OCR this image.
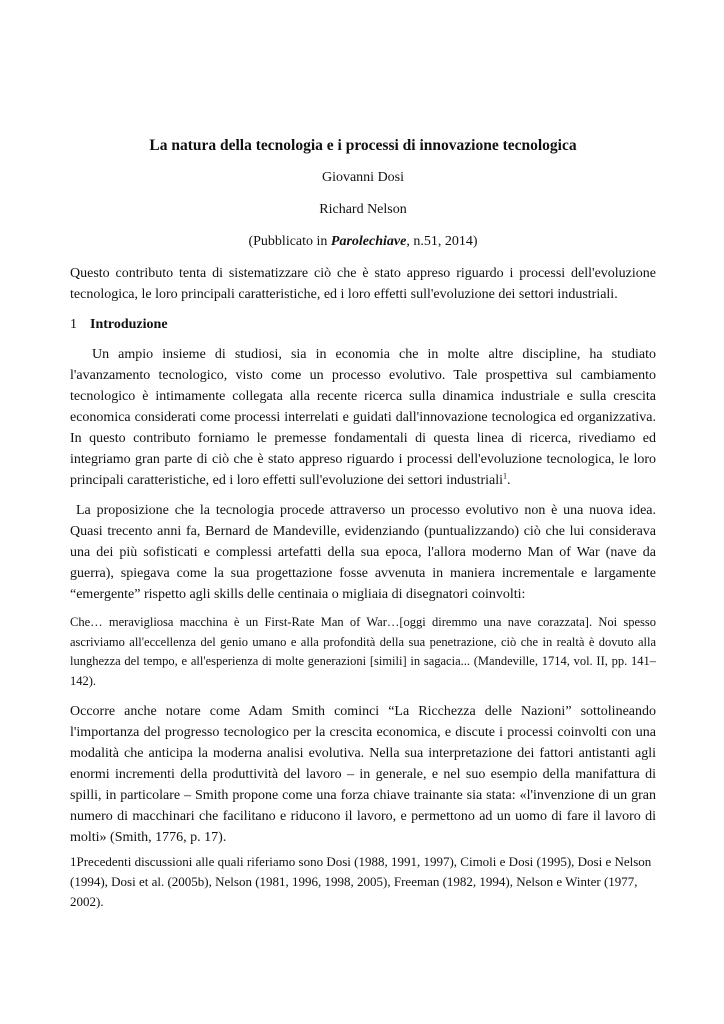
La natura della tecnologia e i processi di innovazione tecnologica
Giovanni Dosi
Richard Nelson
(Pubblicato in Parolechiave, n.51, 2014)

Questo contributo tenta di sistematizzare ciò che è stato appreso riguardo i processi dell'evoluzione tecnologica, le loro principali caratteristiche, ed i loro effetti sull'evoluzione dei settori industriali.

1 Introduzione

Un ampio insieme di studiosi, sia in economia che in molte altre discipline, ha studiato l'avanzamento tecnologico, visto come un processo evolutivo. Tale prospettiva sul cambiamento tecnologico è intimamente collegata alla recente ricerca sulla dinamica industriale e sulla crescita economica considerati come processi interrelati e guidati dall'innovazione tecnologica ed organizzativa. In questo contributo forniamo le premesse fondamentali di questa linea di ricerca, rivediamo ed integriamo gran parte di ciò che è stato appreso riguardo i processi dell'evoluzione tecnologica, le loro principali caratteristiche, ed i loro effetti sull'evoluzione dei settori industriali$^1$.

La proposizione che la tecnologia procede attraverso un processo evolutivo non è una nuova idea. Quasi trecento anni fa, Bernard de Mandeville, evidenziando (puntualizzando) ciò che lui considerava una dei più sofisticati e complessi artefatti della sua epoca, l'allora moderno Man of War (nave da guerra), spiegava come la sua progettazione fosse avvenuta in maniera incrementale e largamente “emergente” rispetto agli skills delle centinaia o migliaia di disegnatori coinvolti:

Che… meravigliosa macchina è un First-Rate Man of War…[oggi diremmo una nave corazzata]. Noi spesso ascriviamo all'eccellenza del genio umano e alla profondità della sua penetrazione, ciò che in realtà è dovuto alla lunghezza del tempo, e all'esperienza di molte generazioni [simili] in sagacia... (Mandeville, 1714, vol. II, pp. 141–142).

Occorre anche notare come Adam Smith cominci “La Ricchezza delle Nazioni” sottolineando l'importanza del progresso tecnologico per la crescita economica, e discute i processi coinvolti con una modalità che anticipa la moderna analisi evolutiva. Nella sua interpretazione dei fattori antistanti agli enormi incrementi della produttività del lavoro – in generale, e nel suo esempio della manifattura di spilli, in particolare – Smith propone come una forza chiave trainante sia stata: «l'invenzione di un gran numero di macchinari che facilitano e riducono il lavoro, e permettono ad un uomo di fare il lavoro di molti» (Smith, 1776, p. 17).

1Precedenti discussioni alle quali riferiamo sono Dosi (1988, 1991, 1997), Cimoli e Dosi (1995), Dosi e Nelson (1994), Dosi et al. (2005b), Nelson (1981, 1996, 1998, 2005), Freeman (1982, 1994), Nelson e Winter (1977, 2002).
